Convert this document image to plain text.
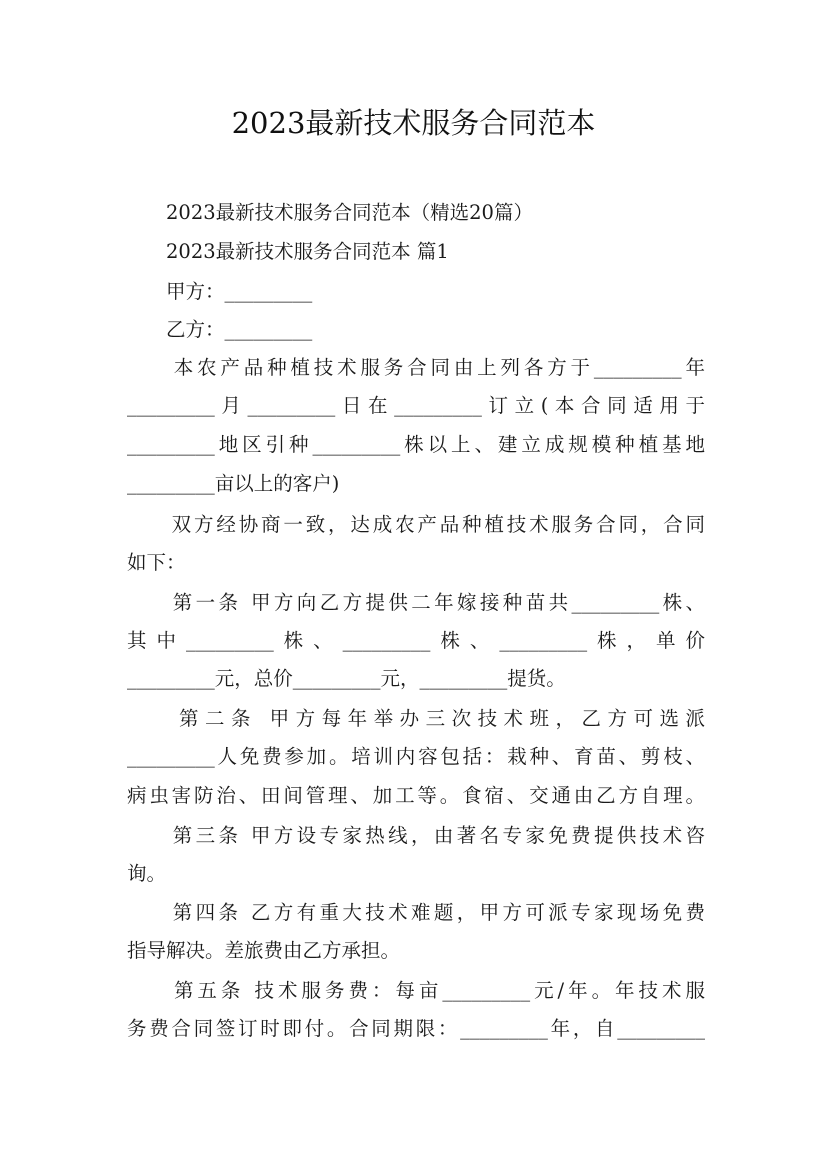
2023最新技术服务合同范本
　　2023最新技术服务合同范本（精选20篇）
　　2023最新技术服务合同范本 篇1
　　甲方：_________
　　乙方：_________
　　本农产品种植技术服务合同由上列各方于_________年
_________月_________日在_________订立(本合同适用于
_________地区引种_________株以上、建立成规模种植基地
_________亩以上的客户)
　　双方经协商一致，达成农产品种植技术服务合同，合同
如下：
　　第一条 甲方向乙方提供二年嫁接种苗共_________株、
其中_________株、_________株、_________株，单价
_________元，总价_________元，_________提货。
　　第二条 甲方每年举办三次技术班，乙方可选派
_________人免费参加。培训内容包括：栽种、育苗、剪枝、
病虫害防治、田间管理、加工等。食宿、交通由乙方自理。
　　第三条 甲方设专家热线，由著名专家免费提供技术咨
询。
　　第四条 乙方有重大技术难题，甲方可派专家现场免费
指导解决。差旅费由乙方承担。
　　第五条 技术服务费：每亩_________元/年。年技术服
务费合同签订时即付。合同期限：_________年，自_________
